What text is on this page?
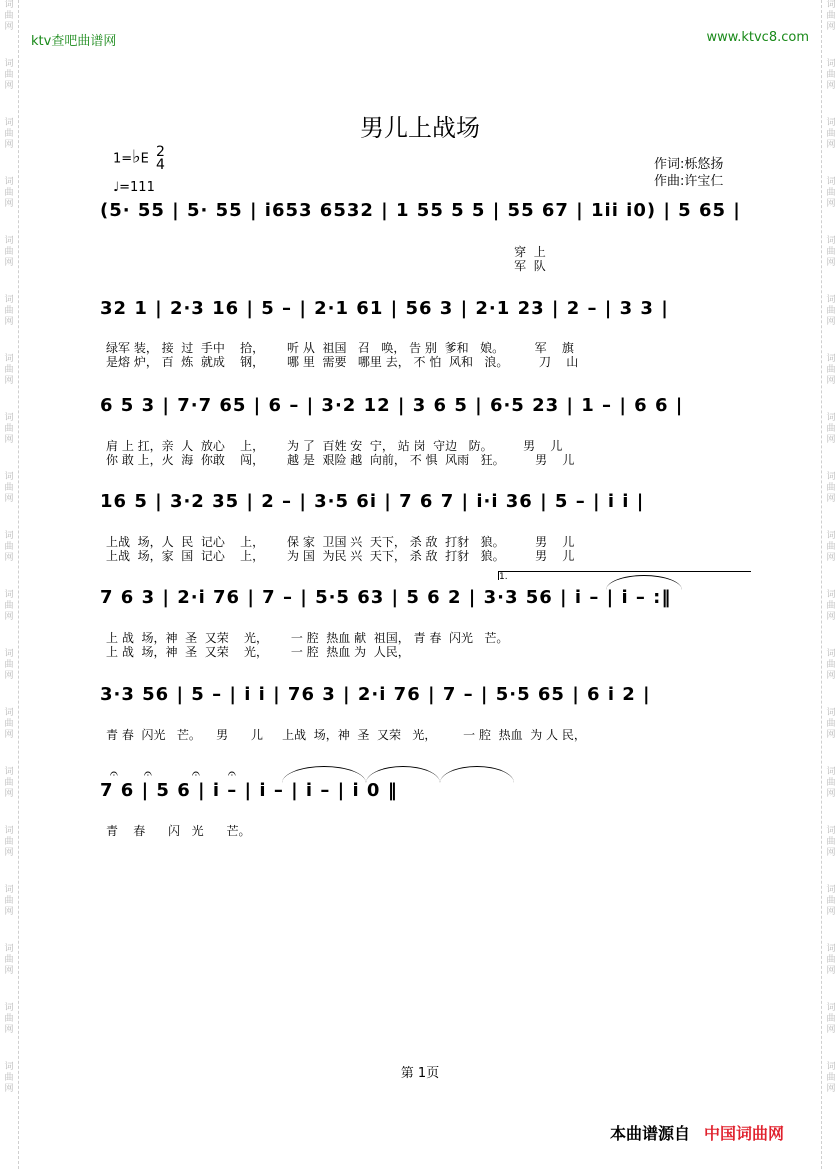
词
曲
网
词
曲
网
词
曲
网
词
曲
网
词
曲
网
词
曲
网
词
曲
网
词
曲
网
词
曲
网
词
曲
网
词
曲
网
词
曲
网
词
曲
网
词
曲
网
词
曲
网
词
曲
网
词
曲
网
词
曲
网
词
曲
网
词
曲
网
词
曲
网
词
曲
网
词
曲
网
词
曲
网
词
曲
网
词
曲
网
词
曲
网
词
曲
网
词
曲
网
词
曲
网
词
曲
网
词
曲
网
词
曲
网
词
曲
网
词
曲
网
词
曲
网
词
曲
网
词
曲
网
ktv查吧曲谱网	www.ktvc8.com
男儿上战场
1=♭E 2
4
♩=111
作词:栎悠扬
作曲:许宝仁
(5· 55 | 5· 55 | i653 6532 | 1 55 5 5 | 55 67 | 1ii i0) | 5 65 |
穿  上
军  队
32 1 | 2·3 16 | 5 – | 2·1 61 | 56 3 | 2·1 23 | 2 – | 3 3 |
绿军 装， 接  过  手中    拾，      听 从  祖国   召   唤， 告 别  爹和   娘。        军    旗
是熔 炉， 百  炼  就成    钢，      哪 里  需要   哪里 去， 不 怕  风和   浪。        刀    山
6 5 3 | 7·7 65 | 6 – | 3·2 12 | 3 6 5 | 6·5 23 | 1 – | 6 6 |
肩 上 扛，亲  人  放心    上，      为 了  百姓 安  宁， 站 岗  守边   防。        男    儿
你 敢 上，火  海  你敢    闯，      越 是  艰险 越  向前， 不 惧  风雨   狂。        男    儿
16 5 | 3·2 35 | 2 – | 3·5 6i | 7 6 7 | i·i 36 | 5 – | i i |
上战  场，人  民  记心    上，      保 家  卫国 兴  天下， 杀 敌  打豺   狼。        男    儿
上战  场，家  国  记心    上，      为 国  为民 兴  天下， 杀 敌  打豺   狼。        男    儿
1.
7 6 3 | 2·i 76 | 7 – | 5·5 63 | 5 6 2 | 3·3 56 | i – | i – :‖
上 战  场，神  圣  又荣    光，      一 腔  热血 献  祖国， 青 春  闪光   芒。
上 战  场，神  圣  又荣    光，      一 腔  热血 为  人民，
3·3 56 | 5 – | i i | 76 3 | 2·i 76 | 7 – | 5·5 65 | 6 i 2 |
青 春  闪光   芒。    男      儿     上战  场，神  圣  又荣   光，       一 腔  热血  为 人 民，
𝄐 𝄐	𝄐 𝄐
7 6 | 5 6 | i – | i – | i – | i 0 ‖
青    春      闪   光      芒。
第 1页
本曲谱源自 中国词曲网
